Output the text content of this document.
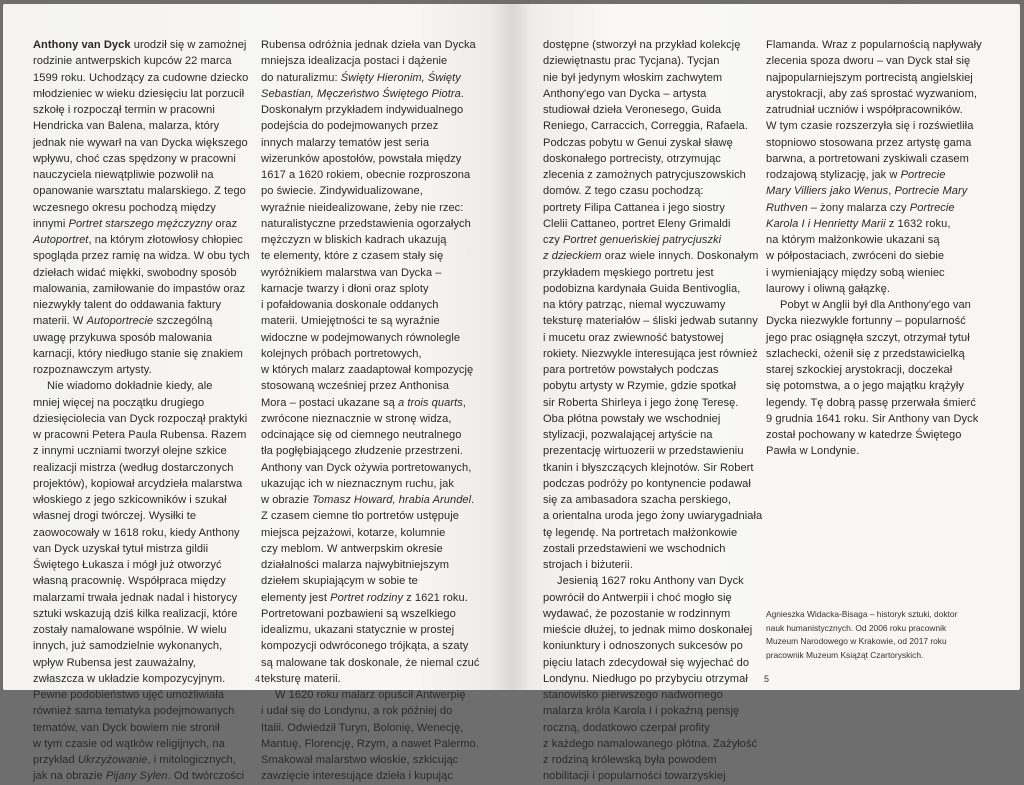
Anthony van Dyck urodził się w zamożnej
rodzinie antwerpskich kupców 22 marca
1599 roku. Uchodzący za cudowne dziecko
młodzieniec w wieku dziesięciu lat porzucił
szkołę i rozpoczął termin w pracowni
Hendricka van Balena, malarza, który
jednak nie wywarł na van Dycka większego
wpływu, choć czas spędzony w pracowni
nauczyciela niewątpliwie pozwolił na
opanowanie warsztatu malarskiego. Z tego
wczesnego okresu pochodzą między
innymi Portret starszego mężczyzny oraz
Autoportret, na którym złotowłosy chłopiec
spogląda przez ramię na widza. W obu tych
dziełach widać miękki, swobodny sposób
malowania, zamiłowanie do impastów oraz
niezwykły talent do oddawania faktury
materii. W Autoportrecie szczególną
uwagę przykuwa sposób malowania
karnacji, który niedługo stanie się znakiem
rozpoznawczym artysty.
Nie wiadomo dokładnie kiedy, ale
mniej więcej na początku drugiego
dziesięciolecia van Dyck rozpoczął praktyki
w pracowni Petera Paula Rubensa. Razem
z innymi uczniami tworzył olejne szkice
realizacji mistrza (według dostarczonych
projektów), kopiował arcydzieła malarstwa
włoskiego z jego szkicowników i szukał
własnej drogi twórczej. Wysiłki te
zaowocowały w 1618 roku, kiedy Anthony
van Dyck uzyskał tytuł mistrza gildii
Świętego Łukasza i mógł już otworzyć
własną pracownię. Współpraca między
malarzami trwała jednak nadal i historycy
sztuki wskazują dziś kilka realizacji, które
zostały namalowane wspólnie. W wielu
innych, już samodzielnie wykonanych,
wpływ Rubensa jest zauważalny,
zwłaszcza w układzie kompozycyjnym.
Pewne podobieństwo ujęć umożliwiała
również sama tematyka podejmowanych
tematów, van Dyck bowiem nie stronił
w tym czasie od wątków religijnych, na
przykład Ukrzyżowanie, i mitologicznych,
jak na obrazie Pijany Sylen. Od twórczości
Rubensa odróżnia jednak dzieła van Dycka
mniejsza idealizacja postaci i dążenie
do naturalizmu: Święty Hieronim, Święty
Sebastian, Męczeństwo Świętego Piotra.
Doskonałym przykładem indywidualnego
podejścia do podejmowanych przez
innych malarzy tematów jest seria
wizerunków apostołów, powstała między
1617 a 1620 rokiem, obecnie rozproszona
po świecie. Zindywidualizowane,
wyraźnie nieidealizowane, żeby nie rzec:
naturalistyczne przedstawienia ogorzałych
mężczyzn w bliskich kadrach ukazują
te elementy, które z czasem stały się
wyróżnikiem malarstwa van Dycka –
karnacje twarzy i dłoni oraz sploty
i pofałdowania doskonale oddanych
materii. Umiejętności te są wyraźnie
widoczne w podejmowanych równolegle
kolejnych próbach portretowych,
w których malarz zaadaptował kompozycję
stosowaną wcześniej przez Anthonisa
Mora – postaci ukazane są a trois quarts,
zwrócone nieznacznie w stronę widza,
odcinające się od ciemnego neutralnego
tła pogłębiającego złudzenie przestrzeni.
Anthony van Dyck ożywia portretowanych,
ukazując ich w nieznacznym ruchu, jak
w obrazie Tomasz Howard, hrabia Arundel.
Z czasem ciemne tło portretów ustępuje
miejsca pejzażowi, kotarze, kolumnie
czy meblom. W antwerpskim okresie
działalności malarza najwybitniejszym
dziełem skupiającym w sobie te
elementy jest Portret rodziny z 1621 roku.
Portretowani pozbawieni są wszelkiego
idealizmu, ukazani statycznie w prostej
kompozycji odwróconego trójkąta, a szaty
są malowane tak doskonale, że niemal czuć
teksturę materii.
W 1620 roku malarz opuścił Antwerpię
i udał się do Londynu, a rok później do
Italii. Odwiedził Turyn, Bolonię, Wenecję,
Mantuę, Florencję, Rzym, a nawet Palermo.
Smakował malarstwo włoskie, szkicując
zawzięcie interesujące dzieła i kupując
4
dostępne (stworzył na przykład kolekcję
dziewiętnastu prac Tycjana). Tycjan
nie był jedynym włoskim zachwytem
Anthony'ego van Dycka – artysta
studiował dzieła Veronesego, Guida
Reniego, Carraccich, Correggia, Rafaela.
Podczas pobytu w Genui zyskał sławę
doskonałego portrecisty, otrzymując
zlecenia z zamożnych patrycjuszowskich
domów. Z tego czasu pochodzą:
portrety Filipa Cattanea i jego siostry
Clelii Cattaneo, portret Eleny Grimaldi
czy Portret genueńskiej patrycjuszki
z dzieckiem oraz wiele innych. Doskonałym
przykładem męskiego portretu jest
podobizna kardynała Guida Bentivoglia,
na który patrząc, niemal wyczuwamy
teksturę materiałów – śliski jedwab sutanny
i mucetu oraz zwiewność batystowej
rokiety. Niezwykle interesująca jest również
para portretów powstałych podczas
pobytu artysty w Rzymie, gdzie spotkał
sir Roberta Shirleya i jego żonę Teresę.
Oba płótna powstały we wschodniej
stylizacji, pozwalającej artyście na
prezentację wirtuozerii w przedstawieniu
tkanin i błyszczących klejnotów. Sir Robert
podczas podróży po kontynencie podawał
się za ambasadora szacha perskiego,
a orientalna uroda jego żony uwiarygadniała
tę legendę. Na portretach małżonkowie
zostali przedstawieni we wschodnich
strojach i biżuterii.
Jesienią 1627 roku Anthony van Dyck
powrócił do Antwerpii i choć mogło się
wydawać, że pozostanie w rodzinnym
mieście dłużej, to jednak mimo doskonałej
koniunktury i odnoszonych sukcesów po
pięciu latach zdecydował się wyjechać do
Londynu. Niedługo po przybyciu otrzymał
stanowisko pierwszego nadwornego
malarza króla Karola I i pokaźną pensję
roczną, dodatkowo czerpał profity
z każdego namalowanego płótna. Zażyłość
z rodziną królewską była powodem
nobilitacji i popularności towarzyskiej
Flamanda. Wraz z popularnością napływały
zlecenia spoza dworu – van Dyck stał się
najpopularniejszym portrecistą angielskiej
arystokracji, aby zaś sprostać wyzwaniom,
zatrudniał uczniów i współpracowników.
W tym czasie rozszerzyła się i rozświetliła
stopniowo stosowana przez artystę gama
barwna, a portretowani zyskiwali czasem
rodzajową stylizację, jak w Portrecie
Mary Villiers jako Wenus, Portrecie Mary
Ruthven – żony malarza czy Portrecie
Karola I i Henrietty Marii z 1632 roku,
na którym małżonkowie ukazani są
w półpostaciach, zwróceni do siebie
i wymieniający między sobą wieniec
laurowy i oliwną gałązkę.
Pobyt w Anglii był dla Anthony'ego van
Dycka niezwykle fortunny – popularność
jego prac osiągnęła szczyt, otrzymał tytuł
szlachecki, ożenił się z przedstawicielką
starej szkockiej arystokracji, doczekał
się potomstwa, a o jego majątku krążyły
legendy. Tę dobrą passę przerwała śmierć
9 grudnia 1641 roku. Sir Anthony van Dyck
został pochowany w katedrze Świętego
Pawła w Londynie.
Agnieszka Widacka-Bisaga – historyk sztuki, doktor
nauk humanistycznych. Od 2006 roku pracownik
Muzeum Narodowego w Krakowie, od 2017 roku
pracownik Muzeum Książąt Czartoryskich.
5
